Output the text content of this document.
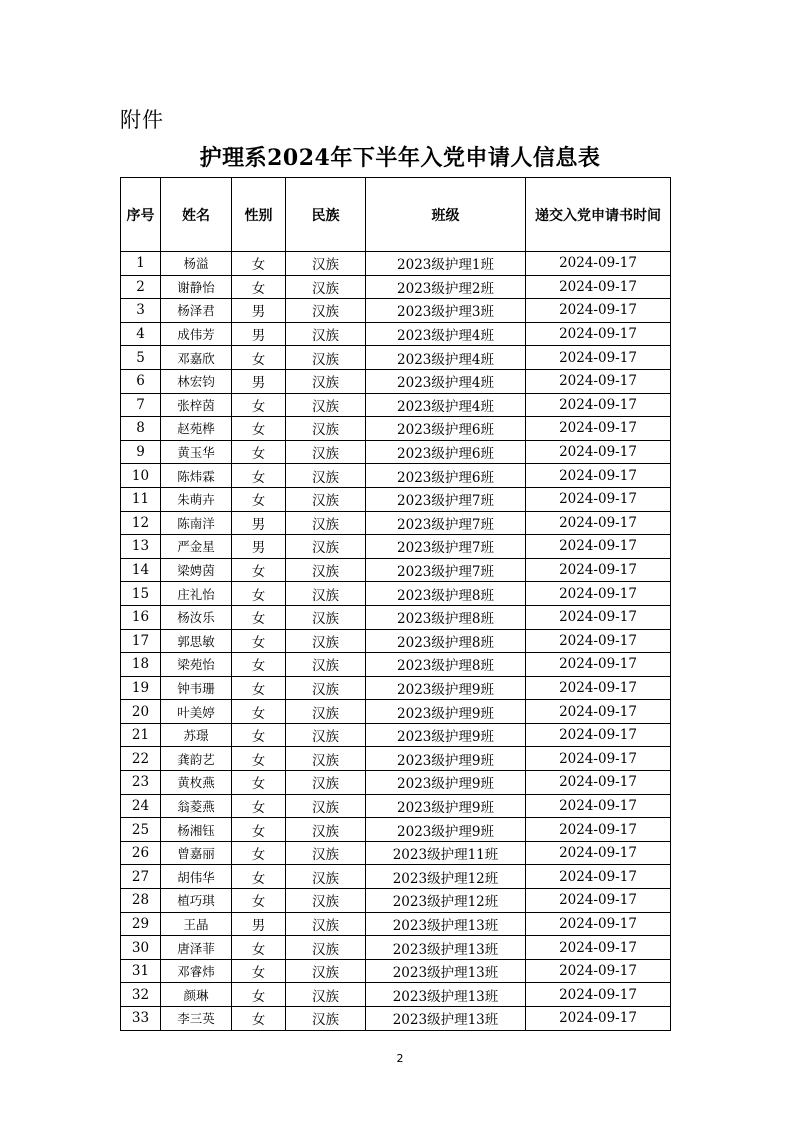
附件
护理系2024年下半年入党申请人信息表
序号	姓名	性别	民族	班级	递交入党申请书时间
1	杨溢	女	汉族	2023级护理1班	2024-09-17
2	谢静怡	女	汉族	2023级护理2班	2024-09-17
3	杨泽君	男	汉族	2023级护理3班	2024-09-17
4	成伟芳	男	汉族	2023级护理4班	2024-09-17
5	邓嘉欣	女	汉族	2023级护理4班	2024-09-17
6	林宏钧	男	汉族	2023级护理4班	2024-09-17
7	张梓茵	女	汉族	2023级护理4班	2024-09-17
8	赵苑桦	女	汉族	2023级护理6班	2024-09-17
9	黄玉华	女	汉族	2023级护理6班	2024-09-17
10	陈炜霖	女	汉族	2023级护理6班	2024-09-17
11	朱萌卉	女	汉族	2023级护理7班	2024-09-17
12	陈南洋	男	汉族	2023级护理7班	2024-09-17
13	严金星	男	汉族	2023级护理7班	2024-09-17
14	梁娉茵	女	汉族	2023级护理7班	2024-09-17
15	庄礼怡	女	汉族	2023级护理8班	2024-09-17
16	杨汝乐	女	汉族	2023级护理8班	2024-09-17
17	郭思敏	女	汉族	2023级护理8班	2024-09-17
18	梁苑怡	女	汉族	2023级护理8班	2024-09-17
19	钟韦珊	女	汉族	2023级护理9班	2024-09-17
20	叶美婷	女	汉族	2023级护理9班	2024-09-17
21	苏璟	女	汉族	2023级护理9班	2024-09-17
22	龚韵艺	女	汉族	2023级护理9班	2024-09-17
23	黄枚燕	女	汉族	2023级护理9班	2024-09-17
24	翁菱燕	女	汉族	2023级护理9班	2024-09-17
25	杨湘钰	女	汉族	2023级护理9班	2024-09-17
26	曾嘉丽	女	汉族	2023级护理11班	2024-09-17
27	胡伟华	女	汉族	2023级护理12班	2024-09-17
28	植巧琪	女	汉族	2023级护理12班	2024-09-17
29	王晶	男	汉族	2023级护理13班	2024-09-17
30	唐泽菲	女	汉族	2023级护理13班	2024-09-17
31	邓睿炜	女	汉族	2023级护理13班	2024-09-17
32	颜琳	女	汉族	2023级护理13班	2024-09-17
33	李三英	女	汉族	2023级护理13班	2024-09-17
2
